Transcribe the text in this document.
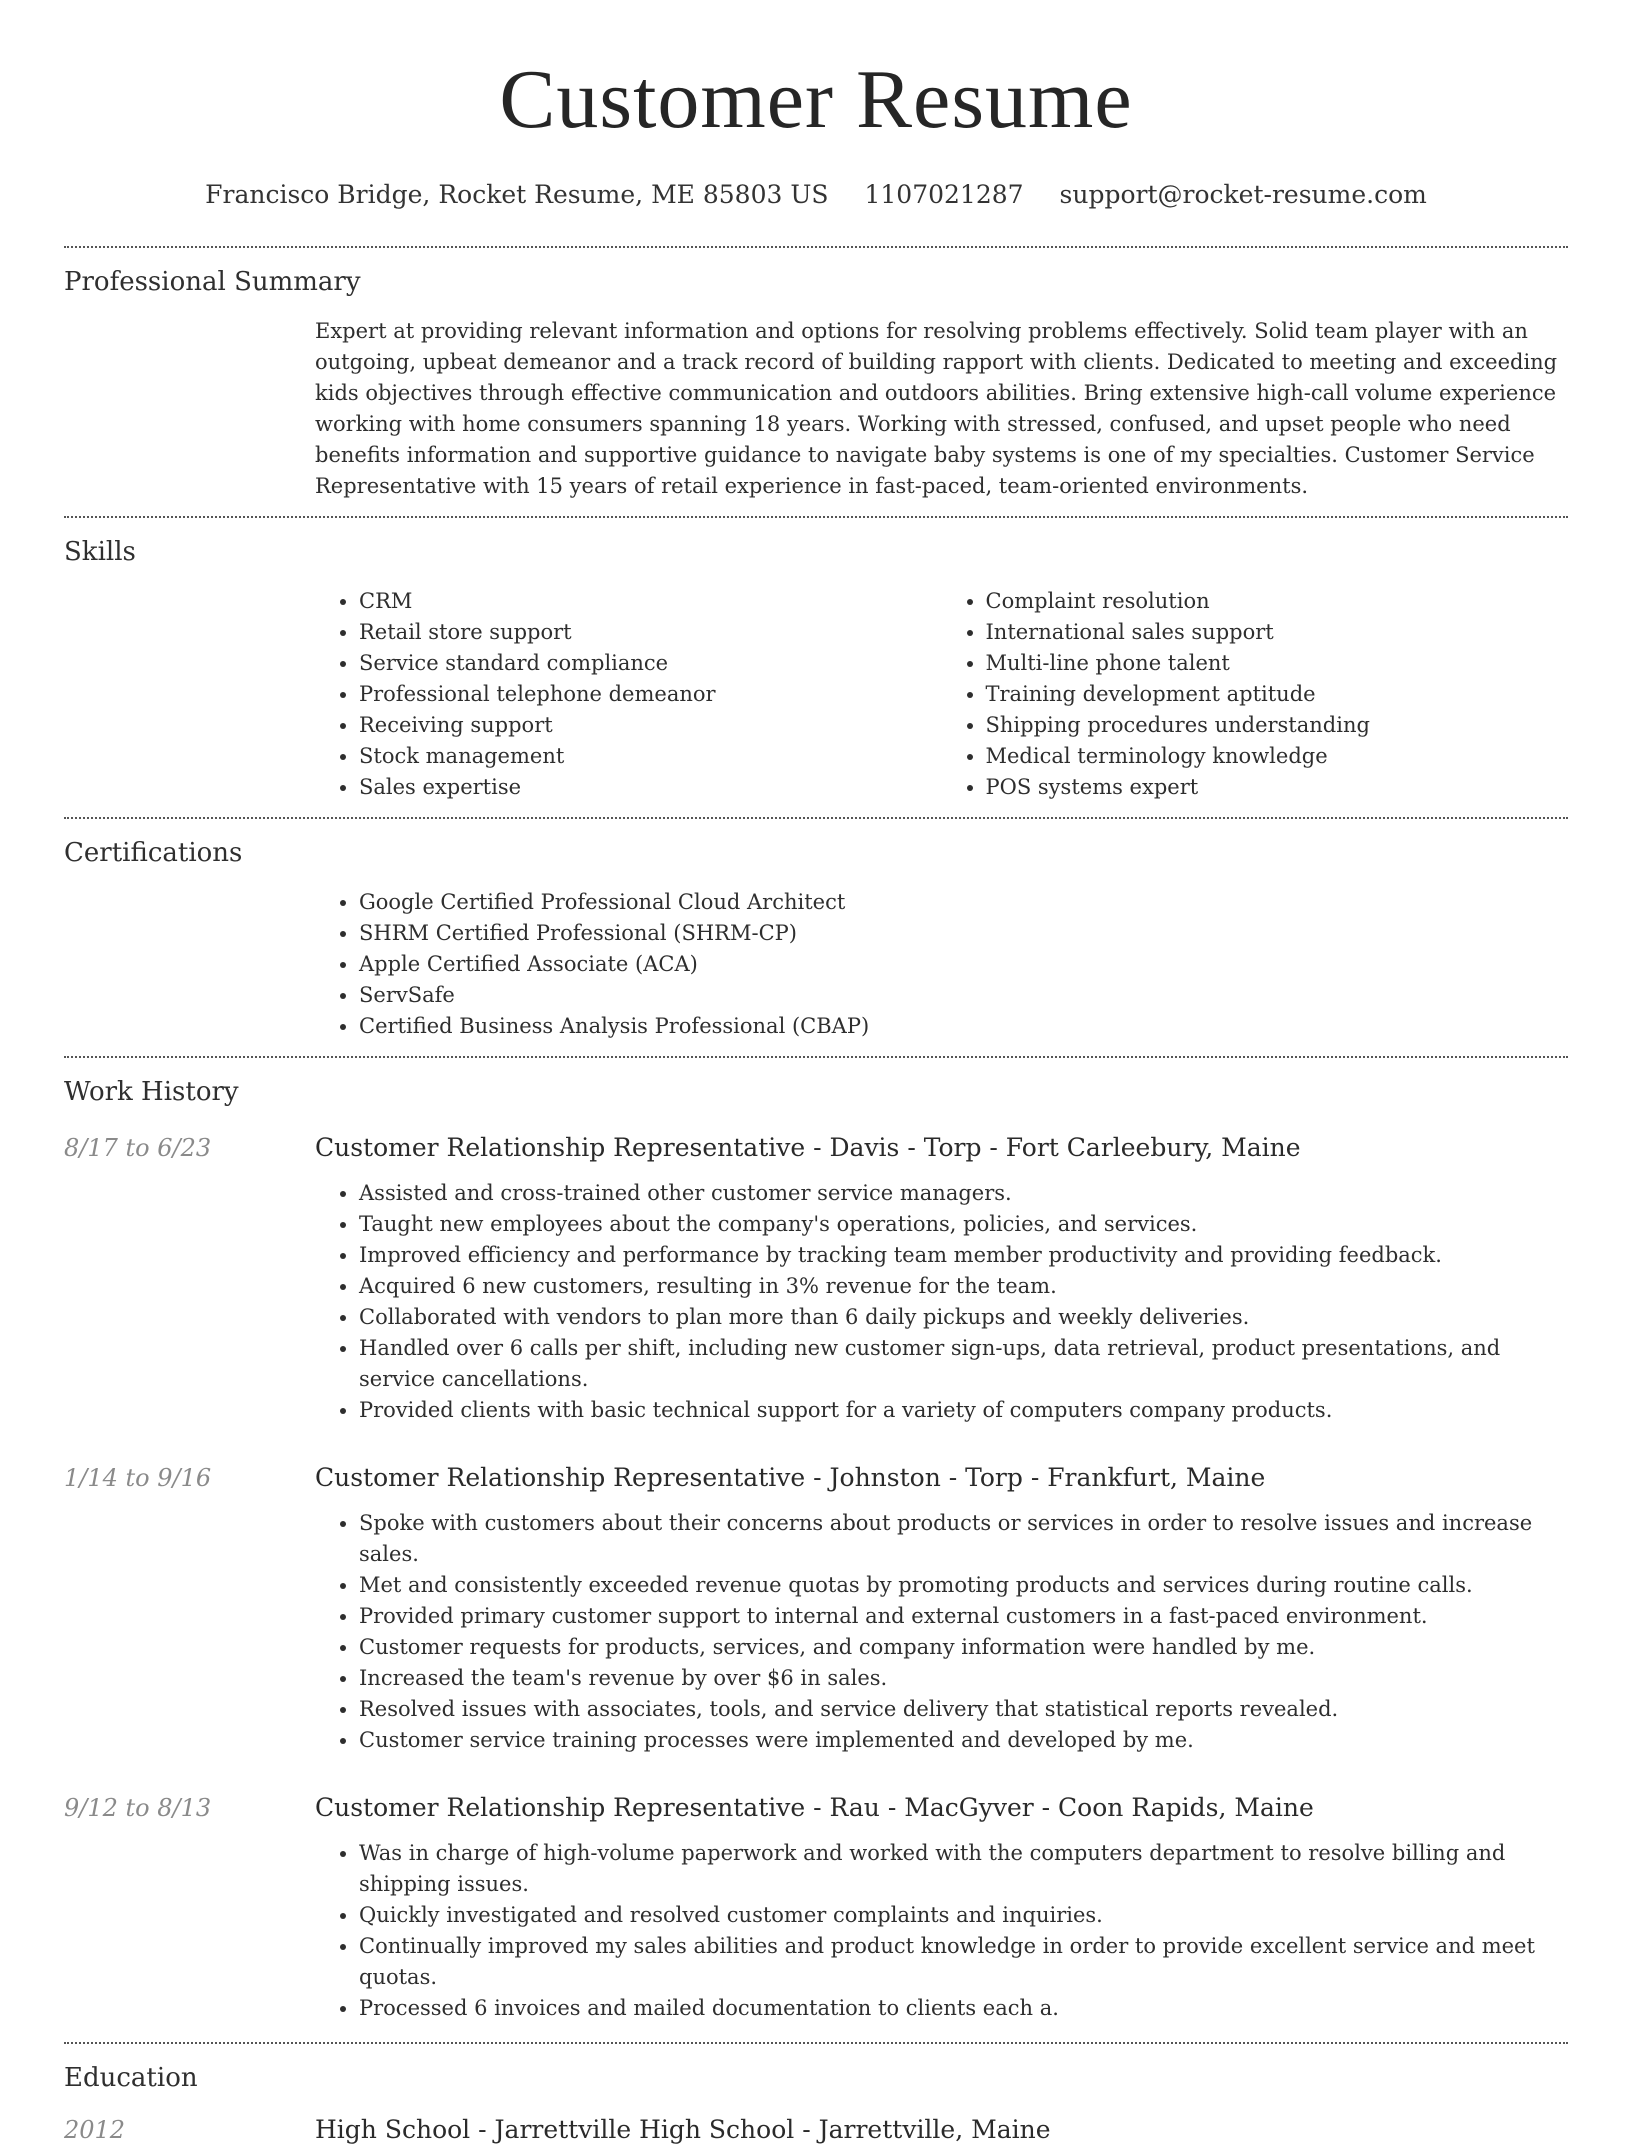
Customer Resume
Francisco Bridge, Rocket Resume, ME 85803 US 1107021287 support@rocket-resume.com
Professional Summary
Expert at providing relevant information and options for resolving problems effectively. Solid team player with an outgoing, upbeat demeanor and a track record of building rapport with clients. Dedicated to meeting and exceeding kids objectives through effective communication and outdoors abilities. Bring extensive high-call volume experience working with home consumers spanning 18 years. Working with stressed, confused, and upset people who need benefits information and supportive guidance to navigate baby systems is one of my specialties. Customer Service Representative with 15 years of retail experience in fast-paced, team-oriented environments.
Skills
• CRM
• Retail store support
• Service standard compliance
• Professional telephone demeanor
• Receiving support
• Stock management
• Sales expertise
• Complaint resolution
• International sales support
• Multi-line phone talent
• Training development aptitude
• Shipping procedures understanding
• Medical terminology knowledge
• POS systems expert
Certifications
• Google Certified Professional Cloud Architect
• SHRM Certified Professional (SHRM-CP)
• Apple Certified Associate (ACA)
• ServSafe
• Certified Business Analysis Professional (CBAP)
Work History
8/17 to 6/23	Customer Relationship Representative - Davis - Torp - Fort Carleebury, Maine
• Assisted and cross-trained other customer service managers.
• Taught new employees about the company's operations, policies, and services.
• Improved efficiency and performance by tracking team member productivity and providing feedback.
• Acquired 6 new customers, resulting in 3% revenue for the team.
• Collaborated with vendors to plan more than 6 daily pickups and weekly deliveries.
• Handled over 6 calls per shift, including new customer sign-ups, data retrieval, product presentations, and service cancellations.
• Provided clients with basic technical support for a variety of computers company products.
1/14 to 9/16	Customer Relationship Representative - Johnston - Torp - Frankfurt, Maine
• Spoke with customers about their concerns about products or services in order to resolve issues and increase sales.
• Met and consistently exceeded revenue quotas by promoting products and services during routine calls.
• Provided primary customer support to internal and external customers in a fast-paced environment.
• Customer requests for products, services, and company information were handled by me.
• Increased the team's revenue by over $6 in sales.
• Resolved issues with associates, tools, and service delivery that statistical reports revealed.
• Customer service training processes were implemented and developed by me.
9/12 to 8/13	Customer Relationship Representative - Rau - MacGyver - Coon Rapids, Maine
• Was in charge of high-volume paperwork and worked with the computers department to resolve billing and shipping issues.
• Quickly investigated and resolved customer complaints and inquiries.
• Continually improved my sales abilities and product knowledge in order to provide excellent service and meet quotas.
• Processed 6 invoices and mailed documentation to clients each a.
Education
2012	High School - Jarrettville High School - Jarrettville, Maine
